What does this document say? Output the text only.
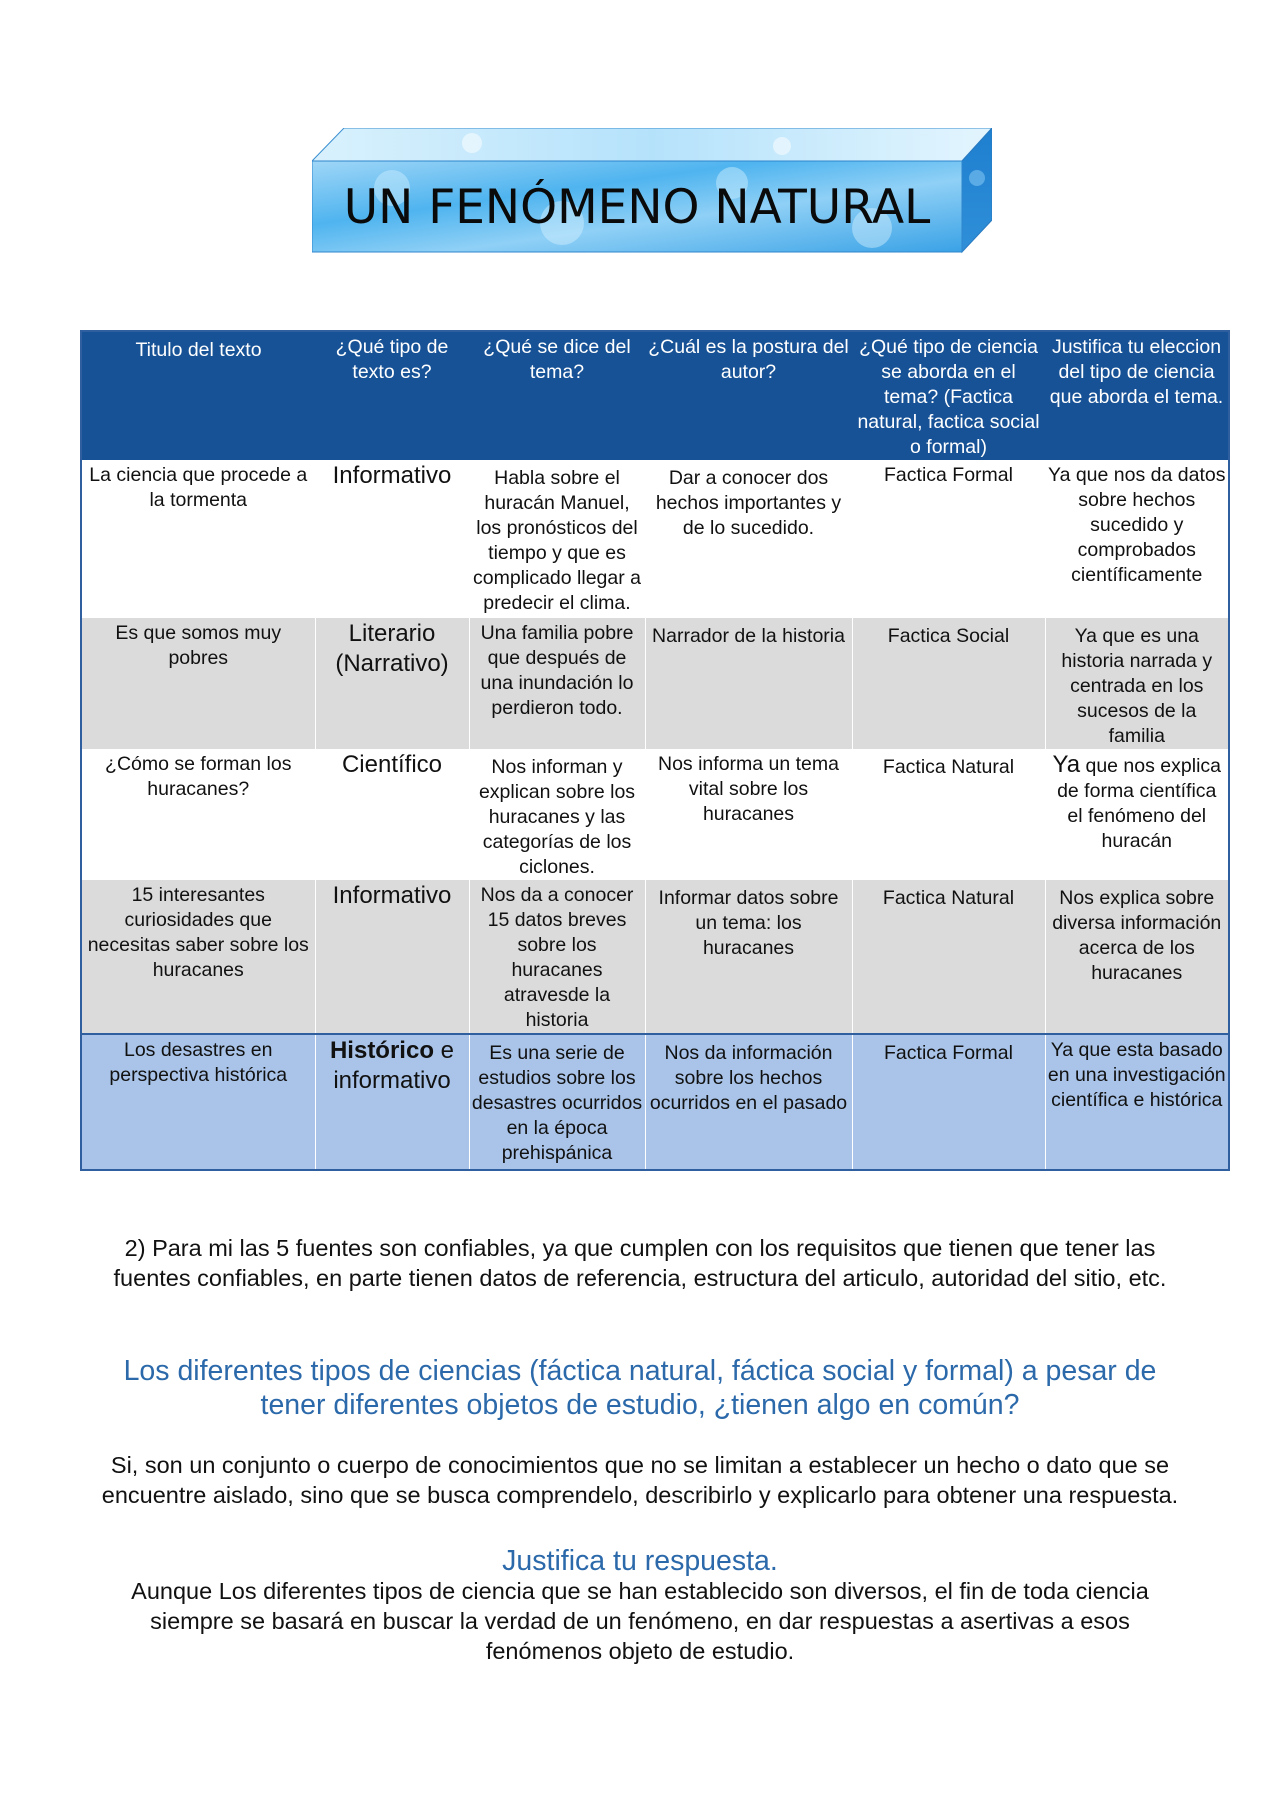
UN FENÓMENO NATURAL
Titulo del texto	¿Qué tipo de texto es?	¿Qué se dice del tema?	¿Cuál es la postura del autor?	¿Qué tipo de ciencia se aborda en el tema? (Factica natural, factica social o formal)	Justifica tu eleccion del tipo de ciencia que aborda el tema.
La ciencia que procede a la tormenta	Informativo	Habla sobre el huracán Manuel, los pronósticos del tiempo y que es complicado llegar a predecir el clima.	Dar a conocer dos hechos importantes y de lo sucedido.	Factica Formal	Ya que nos da datos sobre hechos sucedido y comprobados científicamente
Es que somos muy pobres	Literario (Narrativo)	Una familia pobre que después de una inundación lo perdieron todo.	Narrador de la historia	Factica Social	Ya que es una historia narrada y centrada en los sucesos de la familia
¿Cómo se forman los huracanes?	Científico	Nos informan y explican sobre los huracanes y las categorías de los ciclones.	Nos informa un tema vital sobre los huracanes	Factica Natural	Ya que nos explica de forma científica el fenómeno del huracán
15 interesantes curiosidades que necesitas saber sobre los huracanes	Informativo	Nos da a conocer 15 datos breves sobre los huracanes atravesde la historia	Informar datos sobre un tema: los huracanes	Factica Natural	Nos explica sobre diversa información acerca de los huracanes
Los desastres en perspectiva histórica	Histórico e informativo	Es una serie de estudios sobre los desastres ocurridos en la época prehispánica	Nos da información sobre los hechos ocurridos en el pasado	Factica Formal	Ya que esta basado en una investigación científica e histórica
2) Para mi las 5 fuentes son confiables, ya que cumplen con los requisitos que tienen que tener las fuentes confiables, en parte tienen datos de referencia, estructura del articulo, autoridad del sitio, etc.
Los diferentes tipos de ciencias (fáctica natural, fáctica social y formal) a pesar de tener diferentes objetos de estudio, ¿tienen algo en común?
Si, son un conjunto o cuerpo de conocimientos que no se limitan a establecer un hecho o dato que se encuentre aislado, sino que se busca comprendelo, describirlo y explicarlo para obtener una respuesta.
Justifica tu respuesta.
Aunque Los diferentes tipos de ciencia que se han establecido son diversos, el fin de toda ciencia siempre se basará en buscar la verdad de un fenómeno, en dar respuestas a asertivas a esos fenómenos objeto de estudio.
